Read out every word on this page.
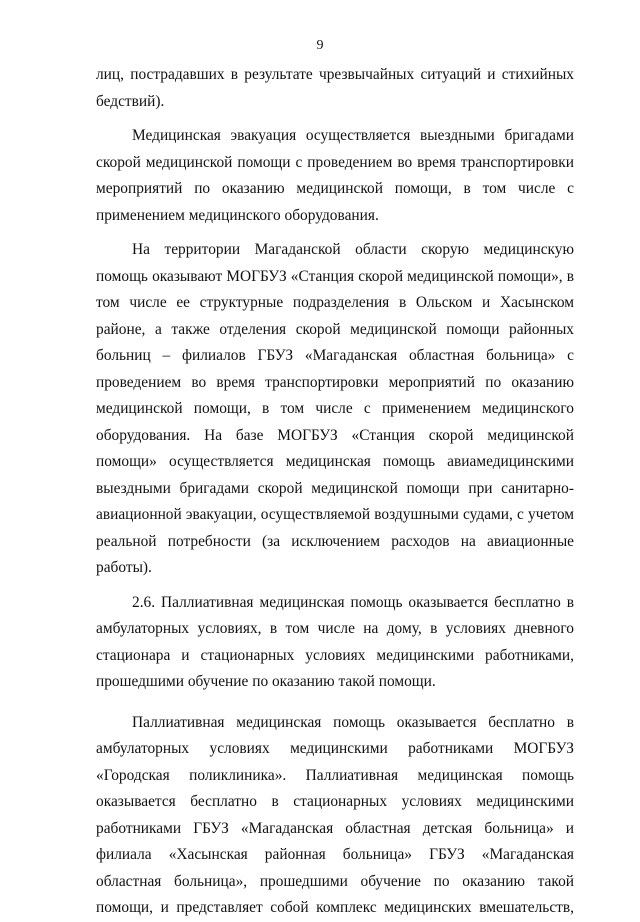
9

лиц, пострадавших в результате чрезвычайных ситуаций и стихийных бедствий).

Медицинская эвакуация осуществляется выездными бригадами скорой медицинской помощи с проведением во время транспортировки мероприятий по оказанию медицинской помощи, в том числе с применением медицинского оборудования.

На территории Магаданской области скорую медицинскую помощь оказывают МОГБУЗ «Станция скорой медицинской помощи», в том числе ее структурные подразделения в Ольском и Хасынском районе, а также отделения скорой медицинской помощи районных больниц – филиалов ГБУЗ «Магаданская областная больница» с проведением во время транспортировки мероприятий по оказанию медицинской помощи, в том числе с применением медицинского оборудования. На базе МОГБУЗ «Станция скорой медицинской помощи» осуществляется медицинская помощь авиамедицинскими выездными бригадами скорой медицинской помощи при санитарно-авиационной эвакуации, осуществляемой воздушными судами, с учетом реальной потребности (за исключением расходов на авиационные работы).

2.6. Паллиативная медицинская помощь оказывается бесплатно в амбулаторных условиях, в том числе на дому, в условиях дневного стационара и стационарных условиях медицинскими работниками, прошедшими обучение по оказанию такой помощи.

Паллиативная медицинская помощь оказывается бесплатно в амбулаторных условиях медицинскими работниками МОГБУЗ «Городская поликлиника». Паллиативная медицинская помощь оказывается бесплатно в стационарных условиях медицинскими работниками ГБУЗ «Магаданская областная детская больница» и филиала «Хасынская районная больница» ГБУЗ «Магаданская областная больница», прошедшими обучение по оказанию такой помощи, и представляет собой комплекс медицинских вмешательств,
